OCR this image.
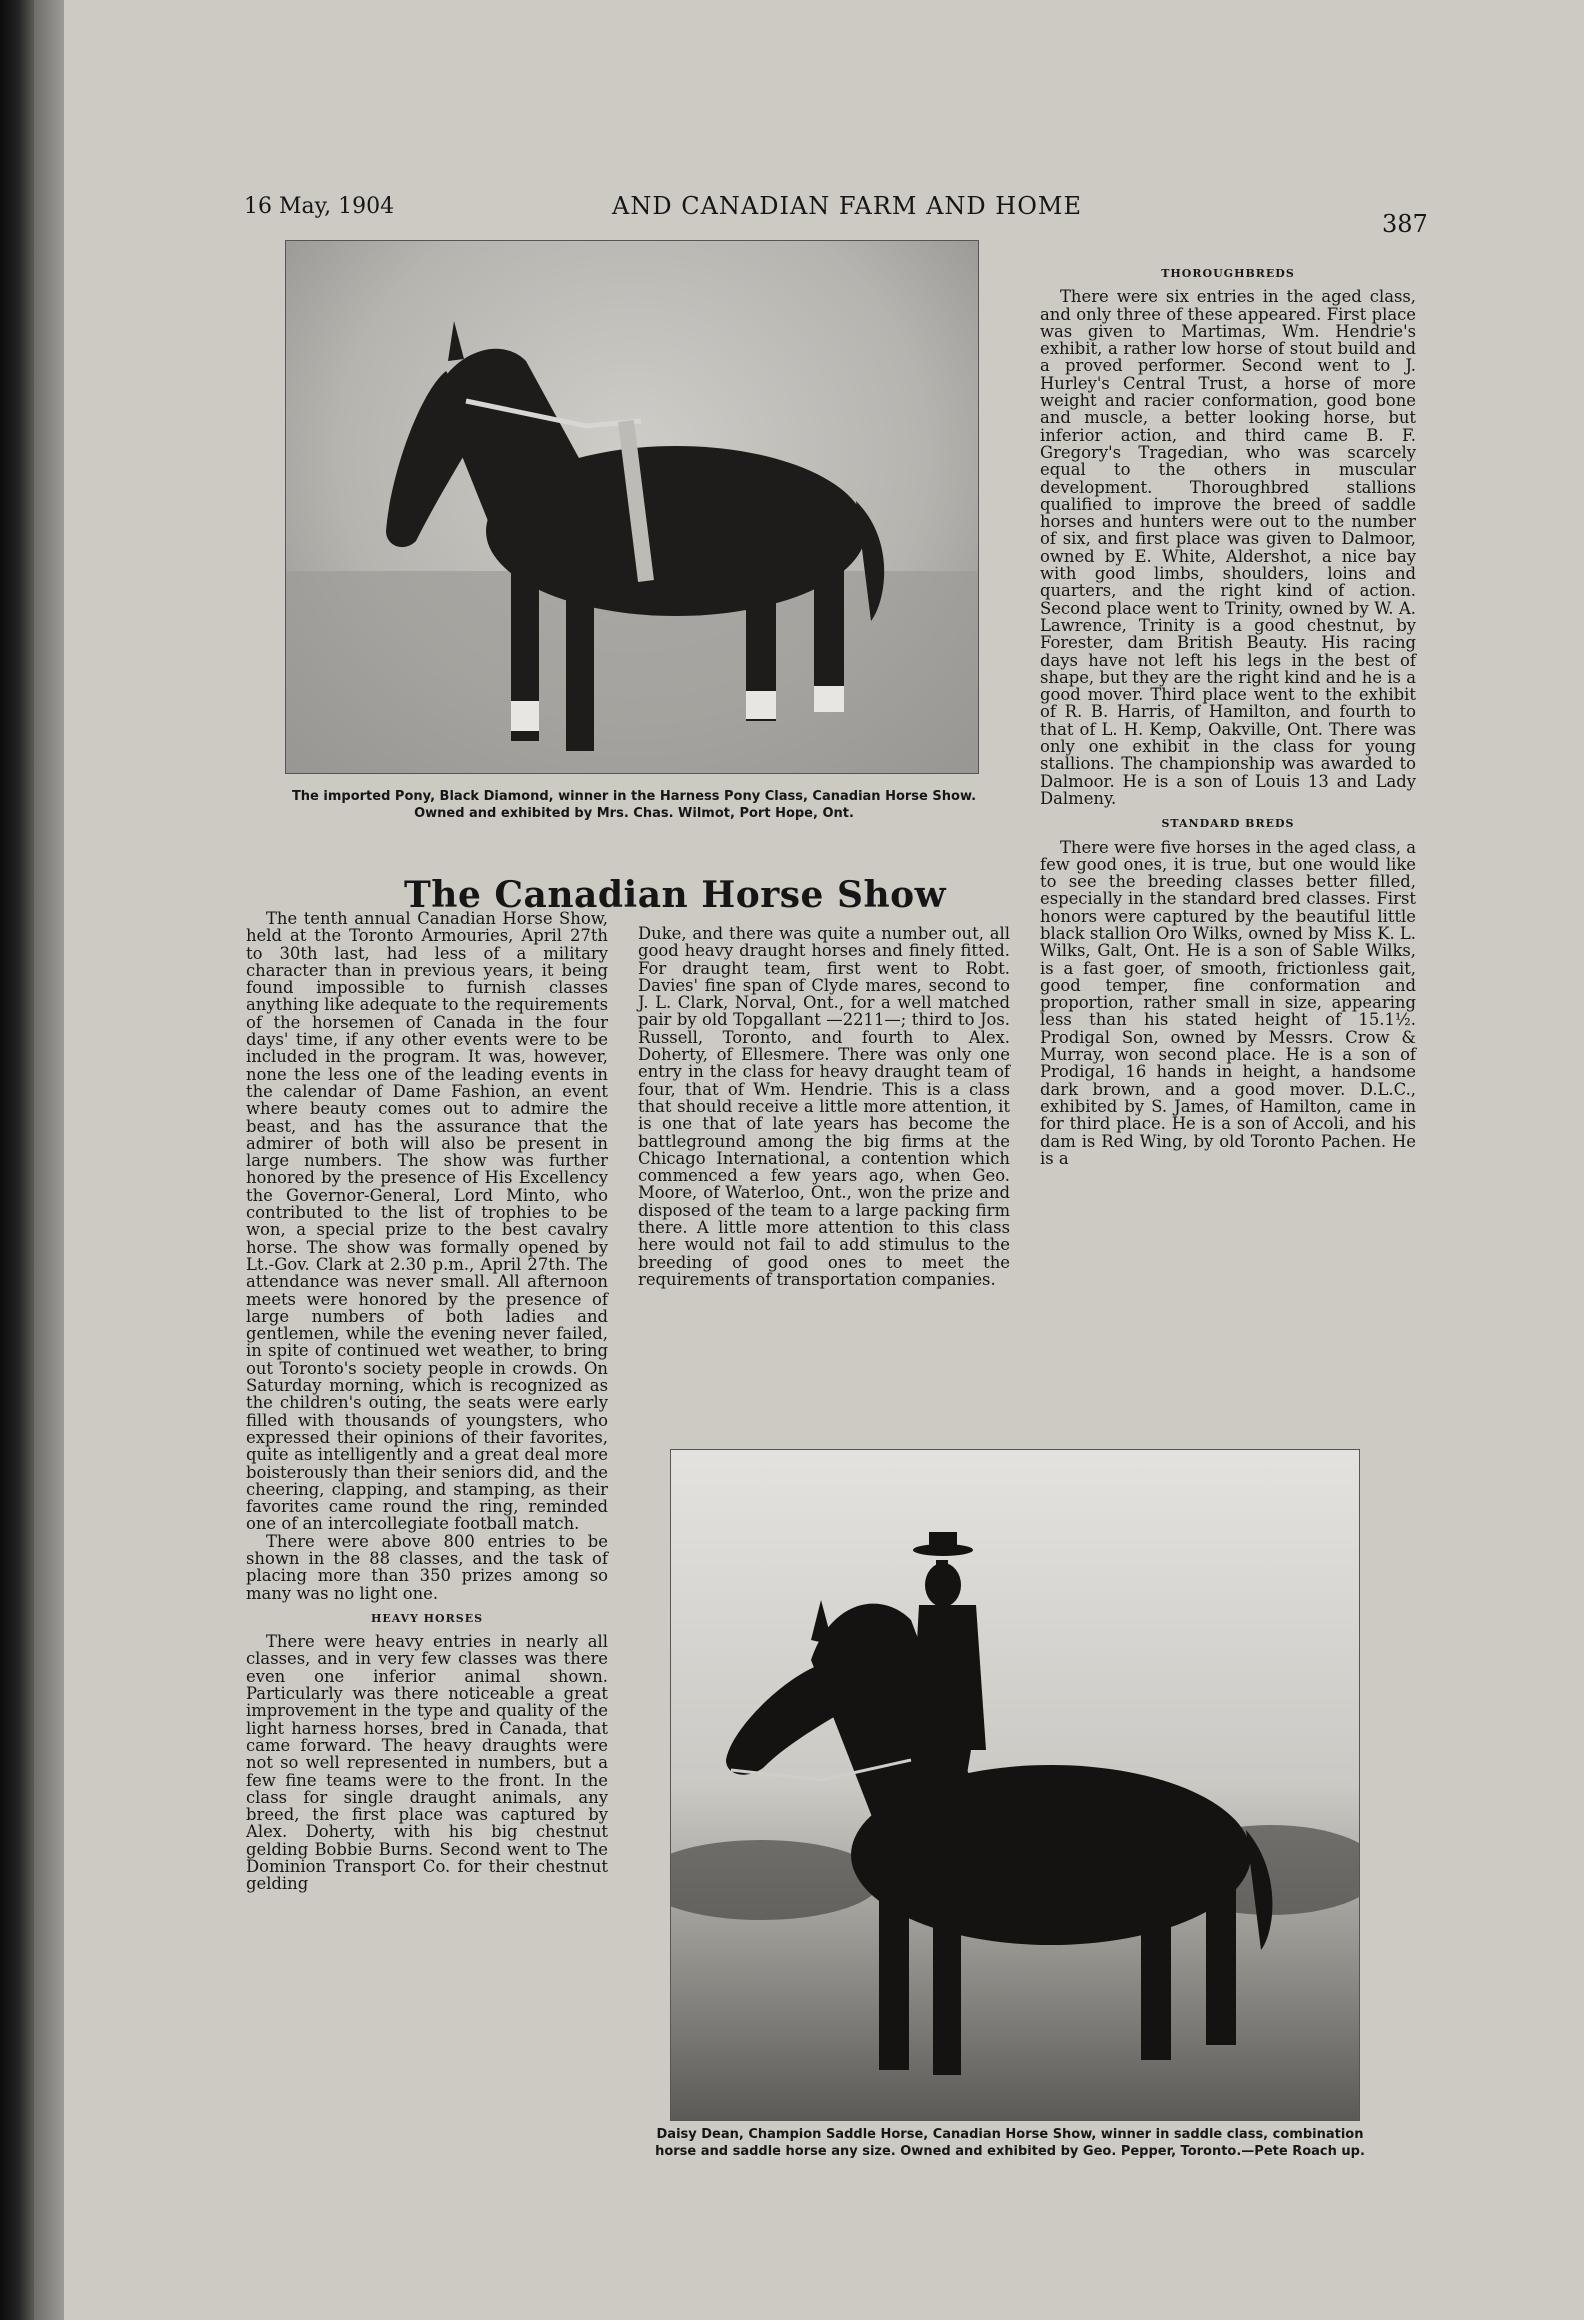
16 May, 1904	AND CANADIAN FARM AND HOME
387
The imported Pony, Black Diamond, winner in the Harness Pony Class, Canadian Horse Show. Owned and exhibited by Mrs. Chas. Wilmot, Port Hope, Ont.
The Canadian Horse Show

The tenth annual Canadian Horse Show, held at the Toronto Armouries, April 27th to 30th last, had less of a military character than in previous years, it being found impossible to furnish classes anything like adequate to the requirements of the horsemen of Canada in the four days' time, if any other events were to be included in the program. It was, however, none the less one of the leading events in the calendar of Dame Fashion, an event where beauty comes out to admire the beast, and has the assurance that the admirer of both will also be present in large numbers. The show was further honored by the presence of His Excellency the Governor-General, Lord Minto, who contributed to the list of trophies to be won, a special prize to the best cavalry horse. The show was formally opened by Lt.-Gov. Clark at 2.30 p.m., April 27th. The attendance was never small. All afternoon meets were honored by the presence of large numbers of both ladies and gentlemen, while the evening never failed, in spite of continued wet weather, to bring out Toronto's society people in crowds. On Saturday morning, which is recognized as the children's outing, the seats were early filled with thousands of youngsters, who expressed their opinions of their favorites, quite as intelligently and a great deal more boisterously than their seniors did, and the cheering, clapping, and stamping, as their favorites came round the ring, reminded one of an intercollegiate football match.

There were above 800 entries to be shown in the 88 classes, and the task of placing more than 350 prizes among so many was no light one.

HEAVY HORSES

There were heavy entries in nearly all classes, and in very few classes was there even one inferior animal shown. Particularly was there noticeable a great improvement in the type and quality of the light harness horses, bred in Canada, that came forward. The heavy draughts were not so well represented in numbers, but a few fine teams were to the front. In the class for single draught animals, any breed, the first place was captured by Alex. Doherty, with his big chestnut gelding Bobbie Burns. Second went to The Dominion Transport Co. for their chestnut gelding

Duke, and there was quite a number out, all good heavy draught horses and finely fitted. For draught team, first went to Robt. Davies' fine span of Clyde mares, second to J. L. Clark, Norval, Ont., for a well matched pair by old Topgallant —2211—; third to Jos. Russell, Toronto, and fourth to Alex. Doherty, of Ellesmere. There was only one entry in the class for heavy draught team of four, that of Wm. Hendrie. This is a class that should receive a little more attention, it is one that of late years has become the battleground among the big firms at the Chicago International, a contention which commenced a few years ago, when Geo. Moore, of Waterloo, Ont., won the prize and disposed of the team to a large packing firm there. A little more attention to this class here would not fail to add stimulus to the breeding of good ones to meet the requirements of transportation companies.

THOROUGHBREDS

There were six entries in the aged class, and only three of these appeared. First place was given to Martimas, Wm. Hendrie's exhibit, a rather low horse of stout build and a proved performer. Second went to J. Hurley's Central Trust, a horse of more weight and racier conformation, good bone and muscle, a better looking horse, but inferior action, and third came B. F. Gregory's Tragedian, who was scarcely equal to the others in muscular development. Thoroughbred stallions qualified to improve the breed of saddle horses and hunters were out to the number of six, and first place was given to Dalmoor, owned by E. White, Aldershot, a nice bay with good limbs, shoulders, loins and quarters, and the right kind of action. Second place went to Trinity, owned by W. A. Lawrence, Trinity is a good chestnut, by Forester, dam British Beauty. His racing days have not left his legs in the best of shape, but they are the right kind and he is a good mover. Third place went to the exhibit of R. B. Harris, of Hamilton, and fourth to that of L. H. Kemp, Oakville, Ont. There was only one exhibit in the class for young stallions. The championship was awarded to Dalmoor. He is a son of Louis 13 and Lady Dalmeny.

STANDARD BREDS

There were five horses in the aged class, a few good ones, it is true, but one would like to see the breeding classes better filled, especially in the standard bred classes. First honors were captured by the beautiful little black stallion Oro Wilks, owned by Miss K. L. Wilks, Galt, Ont. He is a son of Sable Wilks, is a fast goer, of smooth, frictionless gait, good temper, fine conformation and proportion, rather small in size, appearing less than his stated height of 15.1½. Prodigal Son, owned by Messrs. Crow & Murray, won second place. He is a son of Prodigal, 16 hands in height, a handsome dark brown, and a good mover. D.L.C., exhibited by S. James, of Hamilton, came in for third place. He is a son of Accoli, and his dam is Red Wing, by old Toronto Pachen. He is a

Daisy Dean, Champion Saddle Horse, Canadian Horse Show, winner in saddle class, combination horse and saddle horse any size. Owned and exhibited by Geo. Pepper, Toronto.—Pete Roach up.
